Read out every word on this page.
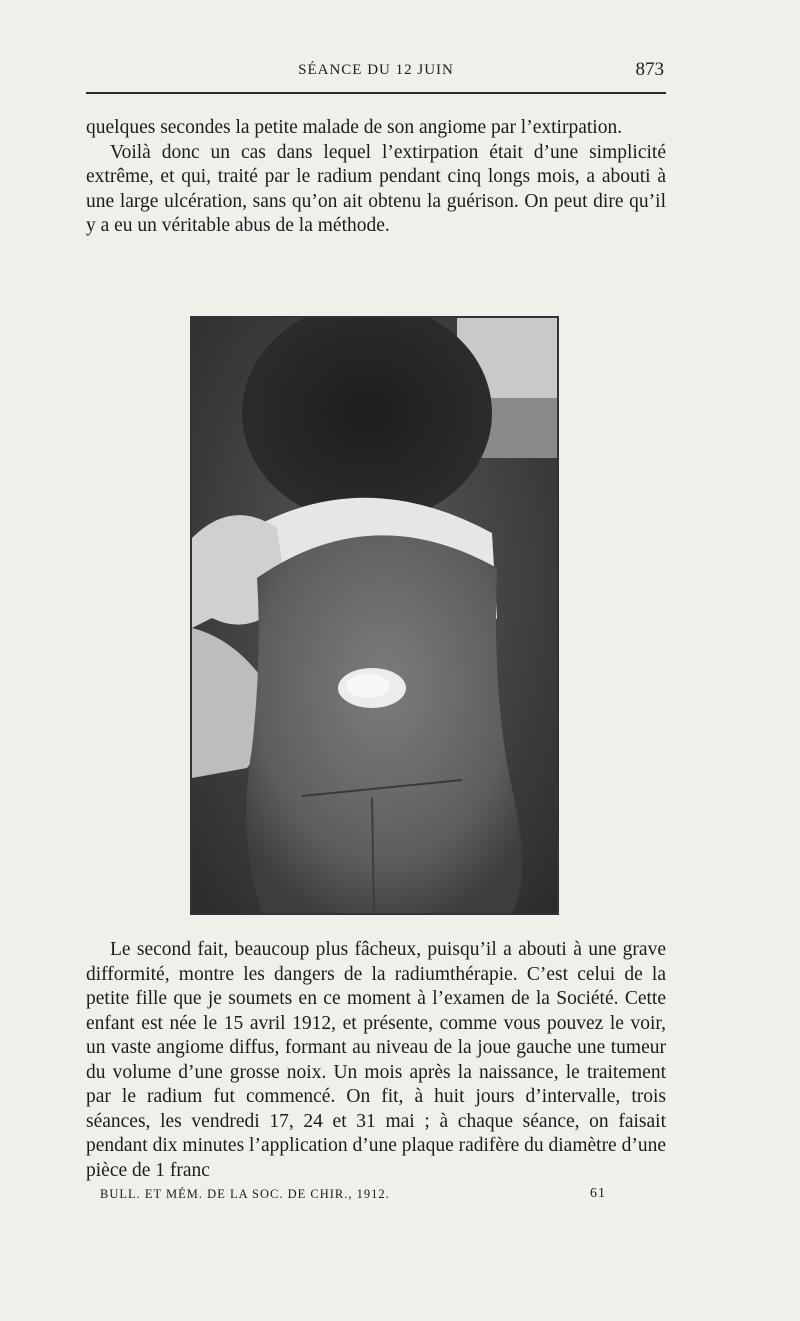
SÉANCE DU 12 JUIN	873

quelques secondes la petite malade de son angiome par l’extirpation.

Voilà donc un cas dans lequel l’extirpation était d’une simplicité extrême, et qui, traité par le radium pendant cinq longs mois, a abouti à une large ulcération, sans qu’on ait obtenu la guérison. On peut dire qu’il y a eu un véritable abus de la méthode.

Le second fait, beaucoup plus fâcheux, puisqu’il a abouti à une grave difformité, montre les dangers de la radiumthérapie. C’est celui de la petite fille que je soumets en ce moment à l’examen de la Société. Cette enfant est née le 15 avril 1912, et présente, comme vous pouvez le voir, un vaste angiome diffus, formant au niveau de la joue gauche une tumeur du volume d’une grosse noix. Un mois après la naissance, le traitement par le radium fut commencé. On fit, à huit jours d’intervalle, trois séances, les vendredi 17, 24 et 31 mai ; à chaque séance, on faisait pendant dix minutes l’application d’une plaque radifère du diamètre d’une pièce de 1 franc

BULL. ET MÉM. DE LA SOC. DE CHIR., 1912.	61
